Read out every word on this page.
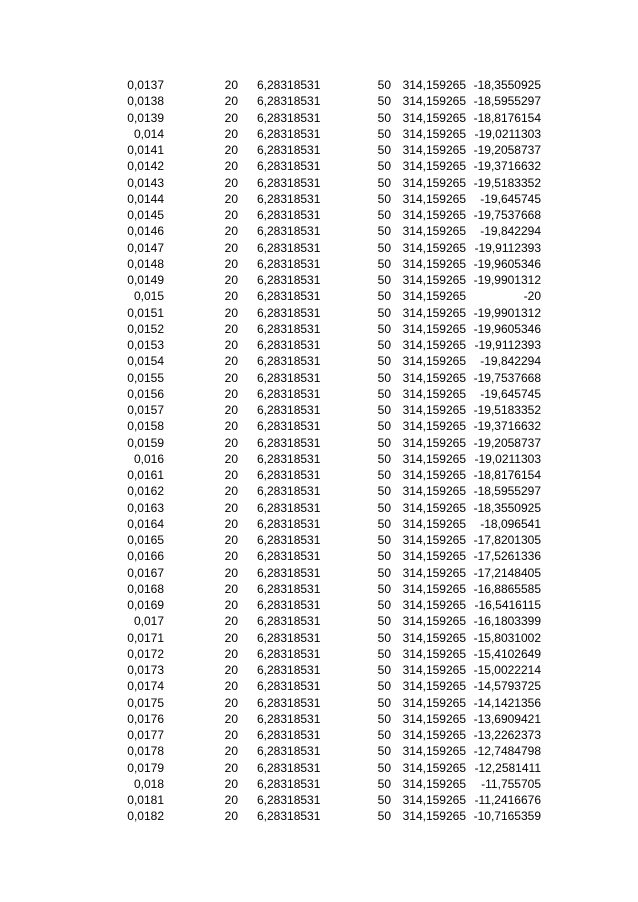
0,0137	20 6,28318531	50 314,159265 -18,3550925
0,0138	20 6,28318531	50 314,159265 -18,5955297
0,0139	20 6,28318531	50 314,159265 -18,8176154
0,014	20 6,28318531	50 314,159265 -19,0211303
0,0141	20 6,28318531	50 314,159265 -19,2058737
0,0142	20 6,28318531	50 314,159265 -19,3716632
0,0143	20 6,28318531	50 314,159265 -19,5183352
0,0144	20 6,28318531	50 314,159265	-19,645745
0,0145	20 6,28318531	50 314,159265 -19,7537668
0,0146	20 6,28318531	50 314,159265	-19,842294
0,0147	20 6,28318531	50 314,159265 -19,9112393
0,0148	20 6,28318531	50 314,159265 -19,9605346
0,0149	20 6,28318531	50 314,159265 -19,9901312
0,015	20 6,28318531	50 314,159265	-20
0,0151	20 6,28318531	50 314,159265 -19,9901312
0,0152	20 6,28318531	50 314,159265 -19,9605346
0,0153	20 6,28318531	50 314,159265 -19,9112393
0,0154	20 6,28318531	50 314,159265	-19,842294
0,0155	20 6,28318531	50 314,159265 -19,7537668
0,0156	20 6,28318531	50 314,159265	-19,645745
0,0157	20 6,28318531	50 314,159265 -19,5183352
0,0158	20 6,28318531	50 314,159265 -19,3716632
0,0159	20 6,28318531	50 314,159265 -19,2058737
0,016	20 6,28318531	50 314,159265 -19,0211303
0,0161	20 6,28318531	50 314,159265 -18,8176154
0,0162	20 6,28318531	50 314,159265 -18,5955297
0,0163	20 6,28318531	50 314,159265 -18,3550925
0,0164	20 6,28318531	50 314,159265	-18,096541
0,0165	20 6,28318531	50 314,159265 -17,8201305
0,0166	20 6,28318531	50 314,159265 -17,5261336
0,0167	20 6,28318531	50 314,159265 -17,2148405
0,0168	20 6,28318531	50 314,159265 -16,8865585
0,0169	20 6,28318531	50 314,159265 -16,5416115
0,017	20 6,28318531	50 314,159265 -16,1803399
0,0171	20 6,28318531	50 314,159265 -15,8031002
0,0172	20 6,28318531	50 314,159265 -15,4102649
0,0173	20 6,28318531	50 314,159265 -15,0022214
0,0174	20 6,28318531	50 314,159265 -14,5793725
0,0175	20 6,28318531	50 314,159265 -14,1421356
0,0176	20 6,28318531	50 314,159265 -13,6909421
0,0177	20 6,28318531	50 314,159265 -13,2262373
0,0178	20 6,28318531	50 314,159265 -12,7484798
0,0179	20 6,28318531	50 314,159265 -12,2581411
0,018	20 6,28318531	50 314,159265	-11,755705
0,0181	20 6,28318531	50 314,159265 -11,2416676
0,0182	20 6,28318531	50 314,159265 -10,7165359
